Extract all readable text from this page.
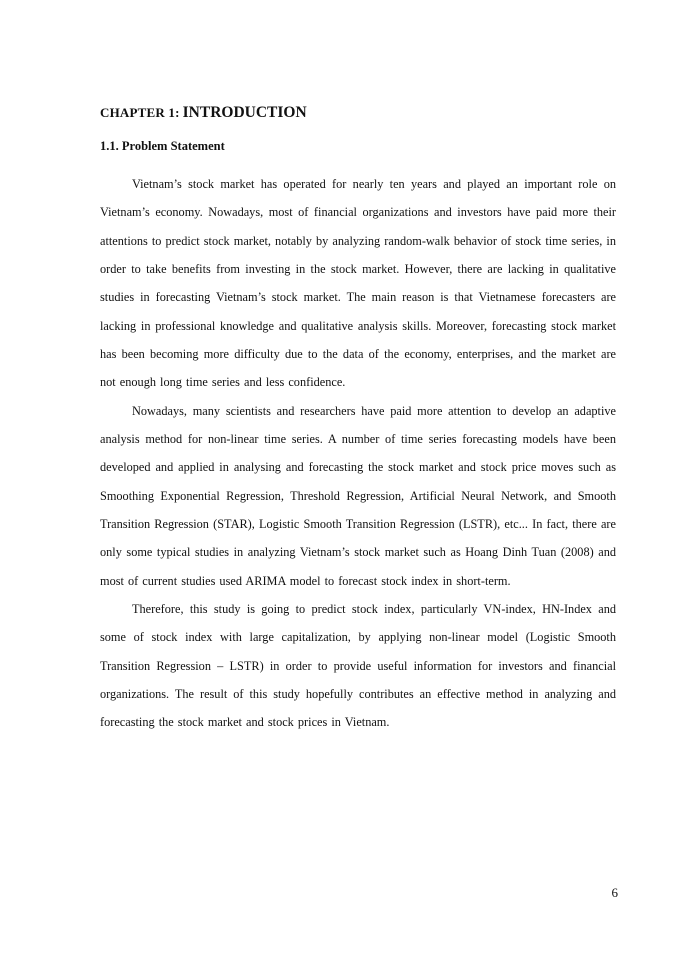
CHAPTER 1: INTRODUCTION
1.1. Problem Statement

Vietnam’s stock market has operated for nearly ten years and played an important role on Vietnam’s economy. Nowadays, most of financial organizations and investors have paid more their attentions to predict stock market, notably by analyzing random-walk behavior of stock time series, in order to take benefits from investing in the stock market. However, there are lacking in qualitative studies in forecasting Vietnam’s stock market. The main reason is that Vietnamese forecasters are lacking in professional knowledge and qualitative analysis skills. Moreover, forecasting stock market has been becoming more difficulty due to the data of the economy, enterprises, and the market are not enough long time series and less confidence.

Nowadays, many scientists and researchers have paid more attention to develop an adaptive analysis method for non-linear time series. A number of time series forecasting models have been developed and applied in analysing and forecasting the stock market and stock price moves such as Smoothing Exponential Regression, Threshold Regression, Artificial Neural Network, and Smooth Transition Regression (STAR), Logistic Smooth Transition Regression (LSTR), etc... In fact, there are only some typical studies in analyzing Vietnam’s stock market such as Hoang Dinh Tuan (2008) and most of current studies used ARIMA model to forecast stock index in short-term.

Therefore, this study is going to predict stock index, particularly VN-index, HN-Index and some of stock index with large capitalization, by applying non-linear model (Logistic Smooth Transition Regression – LSTR) in order to provide useful information for investors and financial organizations. The result of this study hopefully contributes an effective method in analyzing and forecasting the stock market and stock prices in Vietnam.

6
